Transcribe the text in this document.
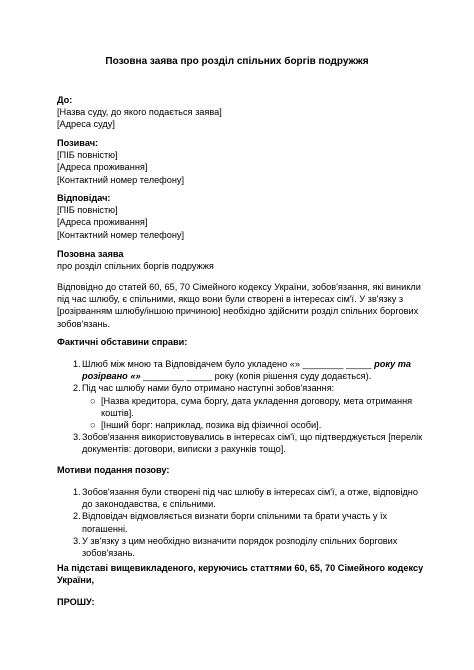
Позовна заява про розділ спільних боргів подружжя
До:
[Назва суду, до якого подається заява]
[Адреса суду]
Позивач:
[ПІБ повністю]
[Адреса проживання]
[Контактний номер телефону]
Відповідач:
[ПІБ повністю]
[Адреса проживання]
[Контактний номер телефону]
Позовна заява
про розділ спільних боргів подружжя
Відповідно до статей 60, 65, 70 Сімейного кодексу України, зобов'язання, які виникли
під час шлюбу, є спільними, якщо вони були створені в інтересах сім'ї. У зв'язку з
[розірванням шлюбу/іншою причиною] необхідно здійснити розділ спільних боргових
зобов'язань.
Фактичні обставини справи:
1. Шлюб між мною та Відповідачем було укладено «» ________ _____ року та
розірвано «» ________ _____ року (копія рішення суду додається).
2. Під час шлюбу нами було отримано наступні зобов'язання:
○ [Назва кредитора, сума боргу, дата укладення договору, мета отримання
коштів].
○ [Інший борг: наприклад, позика від фізичної особи].
3. Зобов'язання використовувались в інтересах сім'ї, що підтверджується [перелік
документів: договори, виписки з рахунків тощо].
Мотиви подання позову:
1. Зобов'язання були створені під час шлюбу в інтересах сім'ї, а отже, відповідно
до законодавства, є спільними.
2. Відповідач відмовляється визнати борги спільними та брати участь у їх
погашенні.
3. У зв'язку з цим необхідно визначити порядок розподілу спільних боргових
зобов'язань.
На підставі вищевикладеного, керуючись статтями 60, 65, 70 Сімейного кодексу
України,
ПРОШУ:
